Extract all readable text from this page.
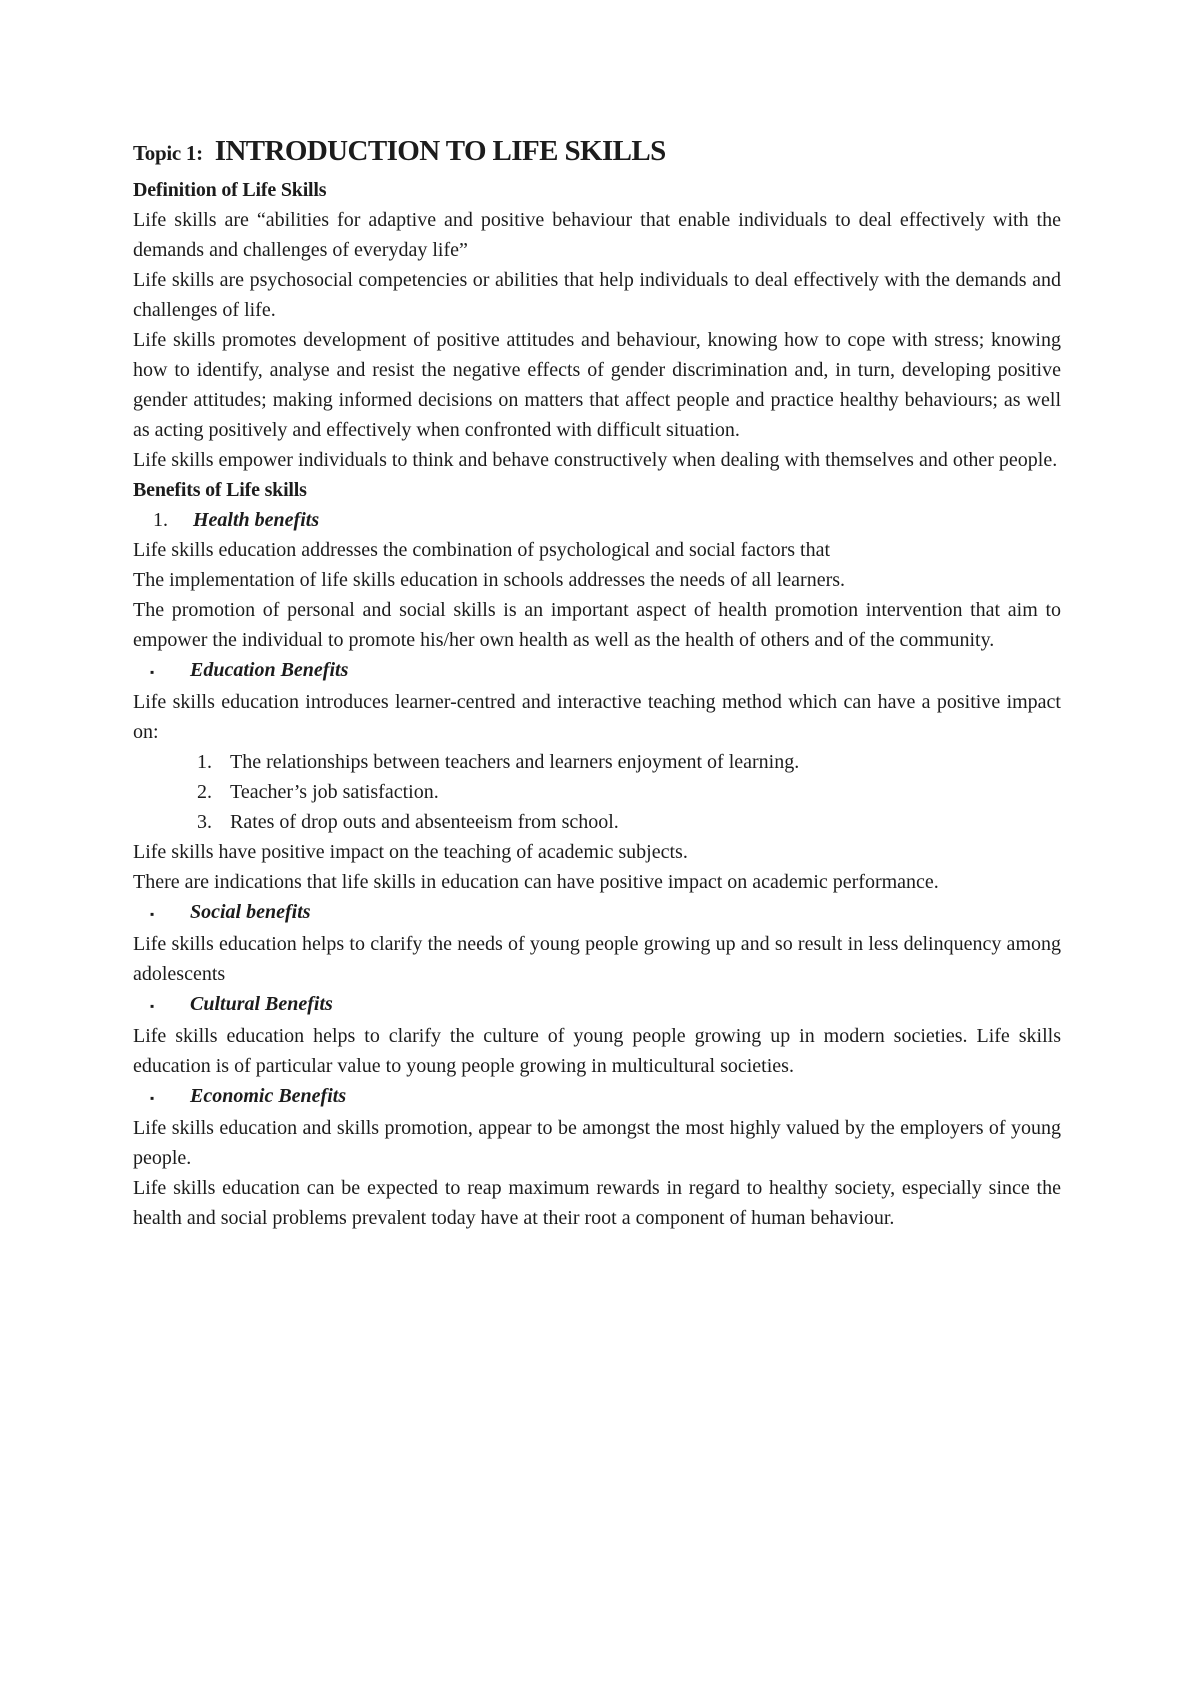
Topic 1: INTRODUCTION TO LIFE SKILLS
Definition of Life Skills
Life skills are “abilities for adaptive and positive behaviour that enable individuals to deal effectively with the demands and challenges of everyday life”
Life skills are psychosocial competencies or abilities that help individuals to deal effectively with the demands and challenges of life.
Life skills promotes development of positive attitudes and behaviour, knowing how to cope with stress; knowing how to identify, analyse and resist the negative effects of gender discrimination and, in turn, developing positive gender attitudes; making informed decisions on matters that affect people and practice healthy behaviours; as well as acting positively and effectively when confronted with difficult situation.
Life skills empower individuals to think and behave constructively when dealing with themselves and other people.
Benefits of Life skills
1. Health benefits
Life skills education addresses the combination of psychological and social factors that
The implementation of life skills education in schools addresses the needs of all learners.
The promotion of personal and social skills is an important aspect of health promotion intervention that aim to empower the individual to promote his/her own health as well as the health of others and of the community.
▪ Education Benefits
Life skills education introduces learner-centred and interactive teaching method which can have a positive impact on:
1. The relationships between teachers and learners enjoyment of learning.
2. Teacher’s job satisfaction.
3. Rates of drop outs and absenteeism from school.
Life skills have positive impact on the teaching of academic subjects.
There are indications that life skills in education can have positive impact on academic performance.
▪ Social benefits
Life skills education helps to clarify the needs of young people growing up and so result in less delinquency among adolescents
▪ Cultural Benefits
Life skills education helps to clarify the culture of young people growing up in modern societies. Life skills education is of particular value to young people growing in multicultural societies.
▪ Economic Benefits
Life skills education and skills promotion, appear to be amongst the most highly valued by the employers of young people.
Life skills education can be expected to reap maximum rewards in regard to healthy society, especially since the health and social problems prevalent today have at their root a component of human behaviour.
